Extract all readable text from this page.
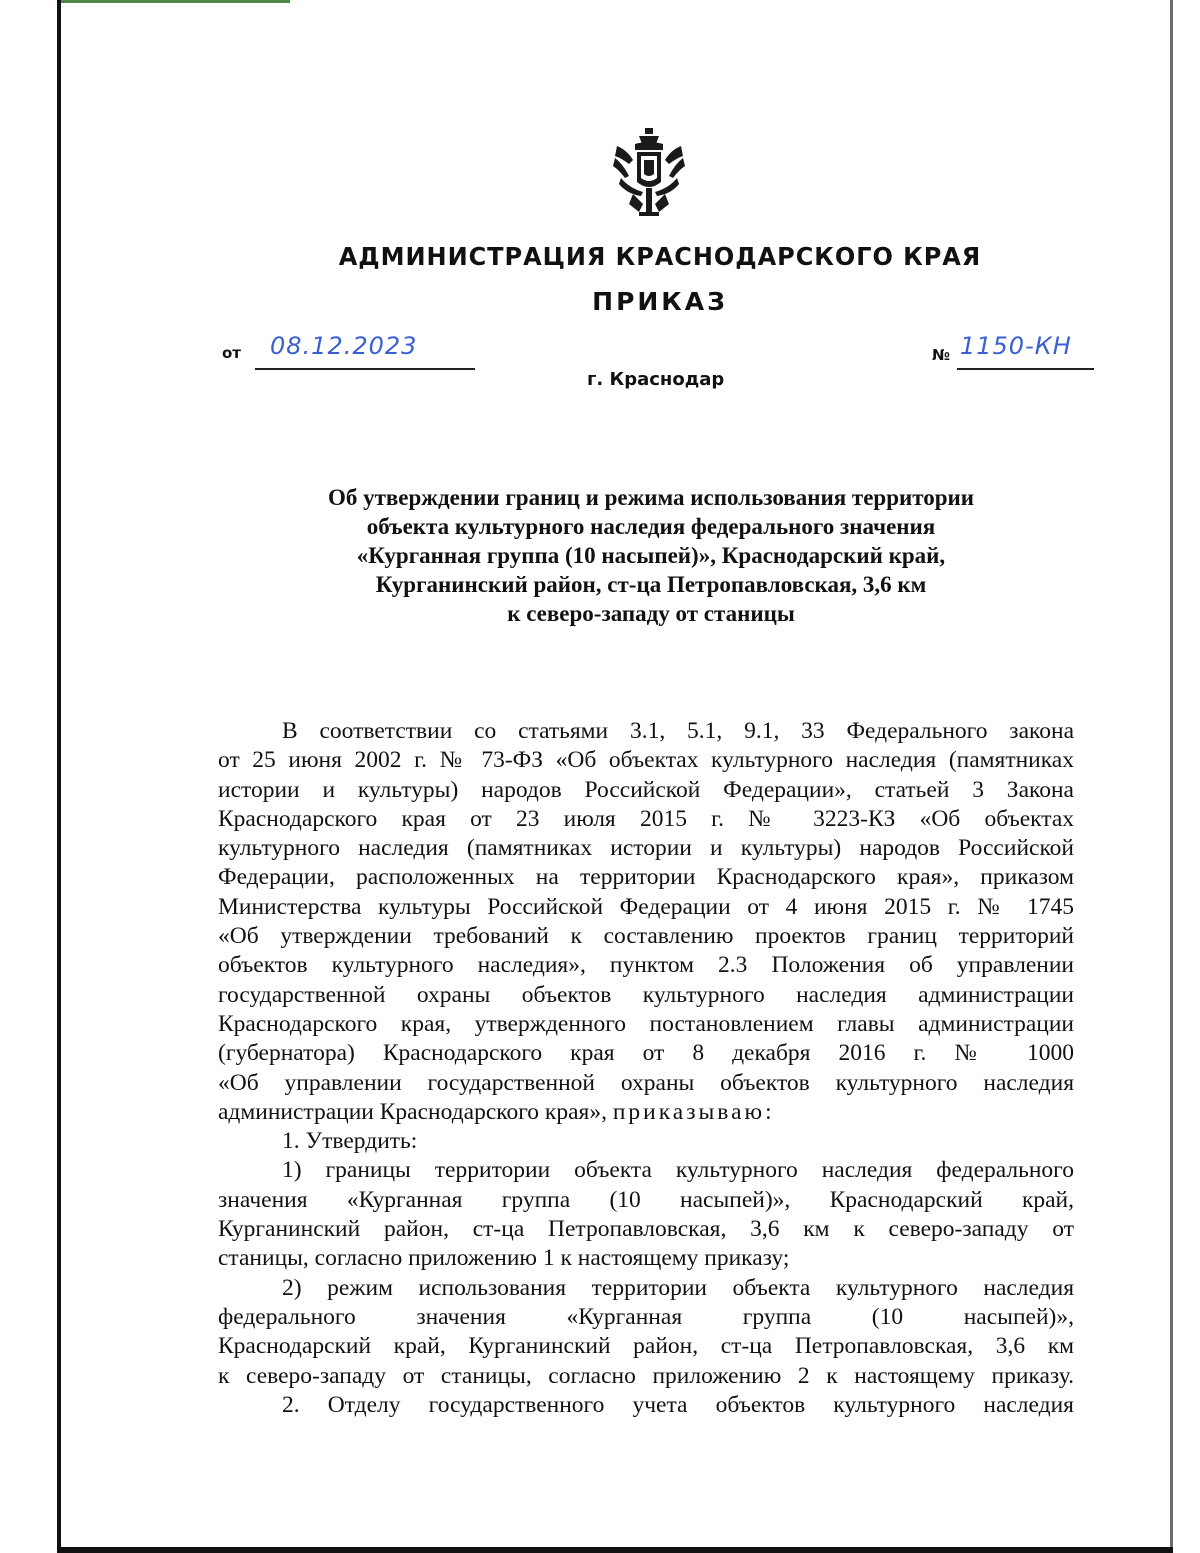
АДМИНИСТРАЦИЯ КРАСНОДАРСКОГО КРАЯ
ПРИКАЗ
от 08.12.2023	№ 1150-КН
г. Краснодар
Об утверждении границ и режима использования территории
объекта культурного наследия федерального значения
«Курганная группа (10 насыпей)», Краснодарский край,
Курганинский район, ст-ца Петропавловская, 3,6 км
к северо-западу от станицы
В соответствии со статьями 3.1, 5.1, 9.1, 33 Федерального закона
от 25 июня 2002 г. № 73-ФЗ «Об объектах культурного наследия (памятниках
истории и культуры) народов Российской Федерации», статьей 3 Закона
Краснодарского края от 23 июля 2015 г. № 3223-КЗ «Об объектах
культурного наследия (памятниках истории и культуры) народов Российской
Федерации, расположенных на территории Краснодарского края», приказом
Министерства культуры Российской Федерации от 4 июня 2015 г. № 1745
«Об утверждении требований к составлению проектов границ территорий
объектов культурного наследия», пунктом 2.3 Положения об управлении
государственной охраны объектов культурного наследия администрации
Краснодарского края, утвержденного постановлением главы администрации
(губернатора) Краснодарского края от 8 декабря 2016 г. № 1000
«Об управлении государственной охраны объектов культурного наследия
администрации Краснодарского края», приказываю:
1. Утвердить:
1) границы территории объекта культурного наследия федерального
значения «Курганная группа (10 насыпей)», Краснодарский край,
Курганинский район, ст-ца Петропавловская, 3,6 км к северо-западу от
станицы, согласно приложению 1 к настоящему приказу;
2) режим использования территории объекта культурного наследия
федерального значения «Курганная группа (10 насыпей)»,
Краснодарский край, Курганинский район, ст-ца Петропавловская, 3,6 км
к северо-западу от станицы, согласно приложению 2 к настоящему приказу.
2. Отделу государственного учета объектов культурного наследия
